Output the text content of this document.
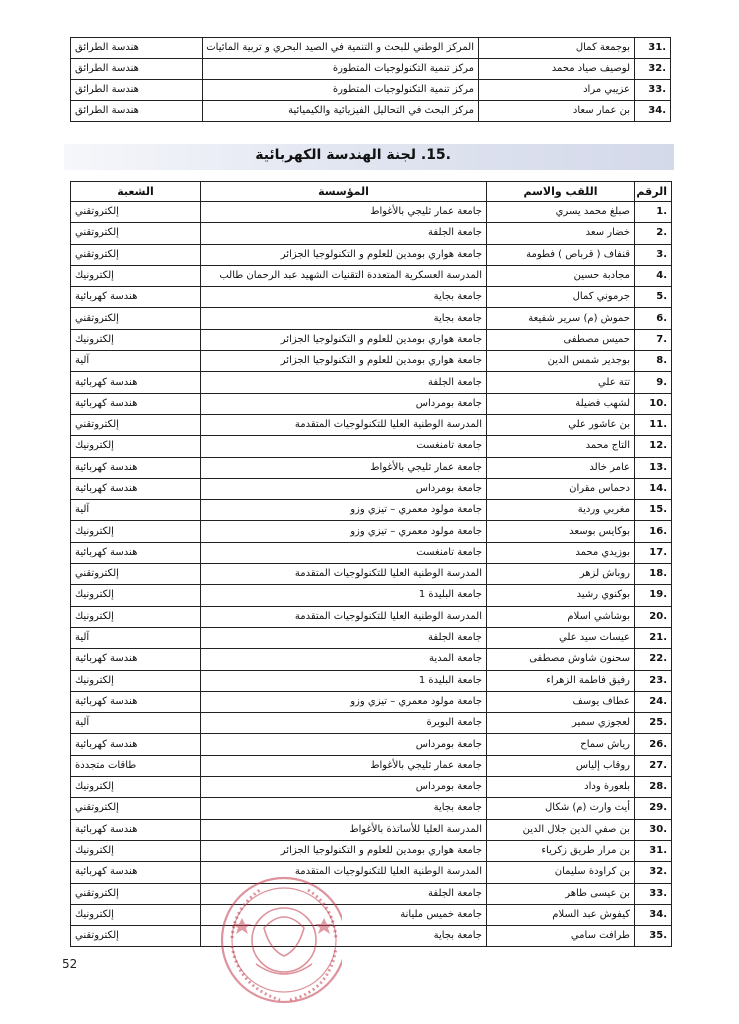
.31	بوجمعة كمال	المركز الوطني للبحث و التنمية في الصيد البحري و تربية المائيات	هندسة الطرائق
.32	لوصيف صياد محمد	مركز تنمية التكنولوجيات المتطورة	هندسة الطرائق
.33	عزيبي مراد	مركز تنمية التكنولوجيات المتطورة	هندسة الطرائق
.34	بن عمار سعاد	مركز البحث في التحاليل الفيزيائية والكيميائية	هندسة الطرائق
.15. لجنة الهندسة الكهربائية
الرقم	اللقب والاسم	المؤسسة	الشعبة
.1	صبلغ محمد يسري	جامعة عمار ثليجي بالأغواط	إلكتروتقني
.2	خضار سعد	جامعة الجلفة	إلكتروتقني
.3	قنفاف ( قرباص ) فطومة	جامعة هواري بومدين للعلوم و التكنولوجيا الجزائر	إلكتروتقني
.4	مجادبة حسين	المدرسة العسكرية المتعددة التقنيات الشهيد عبد الرحمان طالب	إلكترونيك
.5	جرموني كمال	جامعة بجاية	هندسة كهربائية
.6	حموش (م) سرير شفيعة	جامعة بجاية	إلكتروتقني
.7	حميس مصطفى	جامعة هواري بومدين للعلوم و التكنولوجيا الجزائر	إلكترونيك
.8	بوجدير شمس الدين	جامعة هواري بومدين للعلوم و التكنولوجيا الجزائر	آلية
.9	تتة علي	جامعة الجلفة	هندسة كهربائية
.10	لشهب فضيلة	جامعة بومرداس	هندسة كهربائية
.11	بن عاشور علي	المدرسة الوطنية العليا للتكنولوجيات المتقدمة	إلكتروتقني
.12	التاج محمد	جامعة تامنغست	إلكترونيك
.13	عامر خالد	جامعة عمار ثليجي بالأغواط	هندسة كهربائية
.14	دحماس مقران	جامعة بومرداس	هندسة كهربائية
.15	مغربي وردية	جامعة مولود معمري – تيزي وزو	آلية
.16	بوكايس بوسعد	جامعة مولود معمري – تيزي وزو	إلكترونيك
.17	بوزيدي محمد	جامعة تامنغست	هندسة كهربائية
.18	روباش لزهر	المدرسة الوطنية العليا للتكنولوجيات المتقدمة	إلكتروتقني
.19	بوكنوي رشيد	جامعة البليدة 1	إلكترونيك
.20	بوشاشي اسلام	المدرسة الوطنية العليا للتكنولوجيات المتقدمة	إلكترونيك
.21	عيسات سيد علي	جامعة الجلفة	آلية
.22	سحنون شاوش مصطفى	جامعة المدية	هندسة كهربائية
.23	رفيق فاطمة الزهراء	جامعة البليدة 1	إلكترونيك
.24	عطاف يوسف	جامعة مولود معمري – تيزي وزو	هندسة كهربائية
.25	لعجوزي سمير	جامعة البويرة	آلية
.26	رياش سماح	جامعة بومرداس	هندسة كهربائية
.27	روقاب إلياس	جامعة عمار ثليجي بالأغواط	طاقات متجددة
.28	بلعورة وداد	جامعة بومرداس	إلكترونيك
.29	أيت وارت (م) شكال	جامعة بجاية	إلكتروتقني
.30	بن صفي الدين جلال الدين	المدرسة العليا للأساتذة بالأغواط	هندسة كهربائية
.31	بن مرار طريق زكرياء	جامعة هواري بومدين للعلوم و التكنولوجيا الجزائر	إلكترونيك
.32	بن كراودة سليمان	المدرسة الوطنية العليا للتكنولوجيات المتقدمة	هندسة كهربائية
.33	بن عيسى طاهر	جامعة الجلفة	إلكتروتقني
.34	كيفوش عبد السلام	جامعة خميس مليانة	إلكترونيك
.35	طرافت سامي	جامعة بجاية	إلكتروتقني
52
